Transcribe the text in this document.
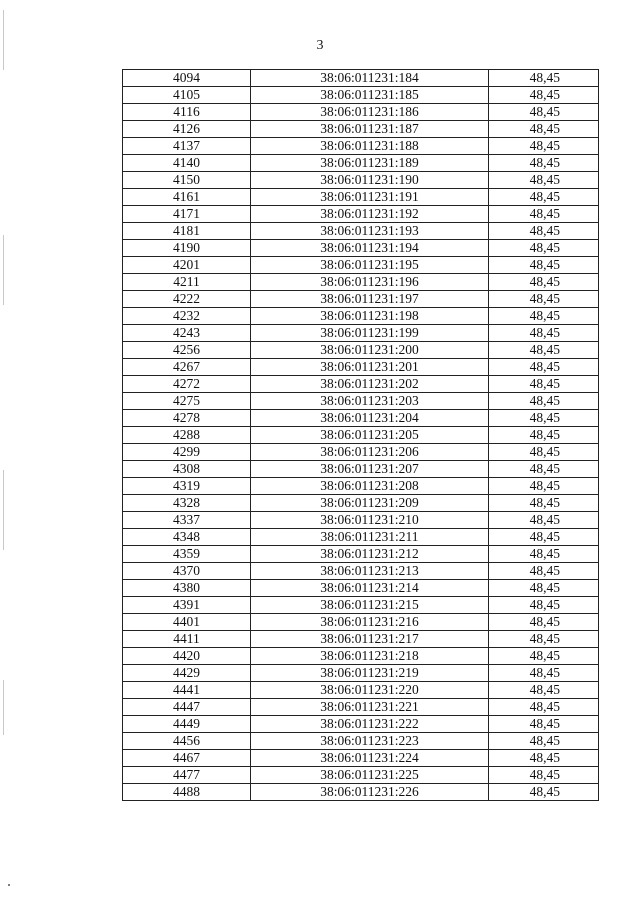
3
4094	38:06:011231:184	48,45
4105	38:06:011231:185	48,45
4116	38:06:011231:186	48,45
4126	38:06:011231:187	48,45
4137	38:06:011231:188	48,45
4140	38:06:011231:189	48,45
4150	38:06:011231:190	48,45
4161	38:06:011231:191	48,45
4171	38:06:011231:192	48,45
4181	38:06:011231:193	48,45
4190	38:06:011231:194	48,45
4201	38:06:011231:195	48,45
4211	38:06:011231:196	48,45
4222	38:06:011231:197	48,45
4232	38:06:011231:198	48,45
4243	38:06:011231:199	48,45
4256	38:06:011231:200	48,45
4267	38:06:011231:201	48,45
4272	38:06:011231:202	48,45
4275	38:06:011231:203	48,45
4278	38:06:011231:204	48,45
4288	38:06:011231:205	48,45
4299	38:06:011231:206	48,45
4308	38:06:011231:207	48,45
4319	38:06:011231:208	48,45
4328	38:06:011231:209	48,45
4337	38:06:011231:210	48,45
4348	38:06:011231:211	48,45
4359	38:06:011231:212	48,45
4370	38:06:011231:213	48,45
4380	38:06:011231:214	48,45
4391	38:06:011231:215	48,45
4401	38:06:011231:216	48,45
4411	38:06:011231:217	48,45
4420	38:06:011231:218	48,45
4429	38:06:011231:219	48,45
4441	38:06:011231:220	48,45
4447	38:06:011231:221	48,45
4449	38:06:011231:222	48,45
4456	38:06:011231:223	48,45
4467	38:06:011231:224	48,45
4477	38:06:011231:225	48,45
4488	38:06:011231:226	48,45
